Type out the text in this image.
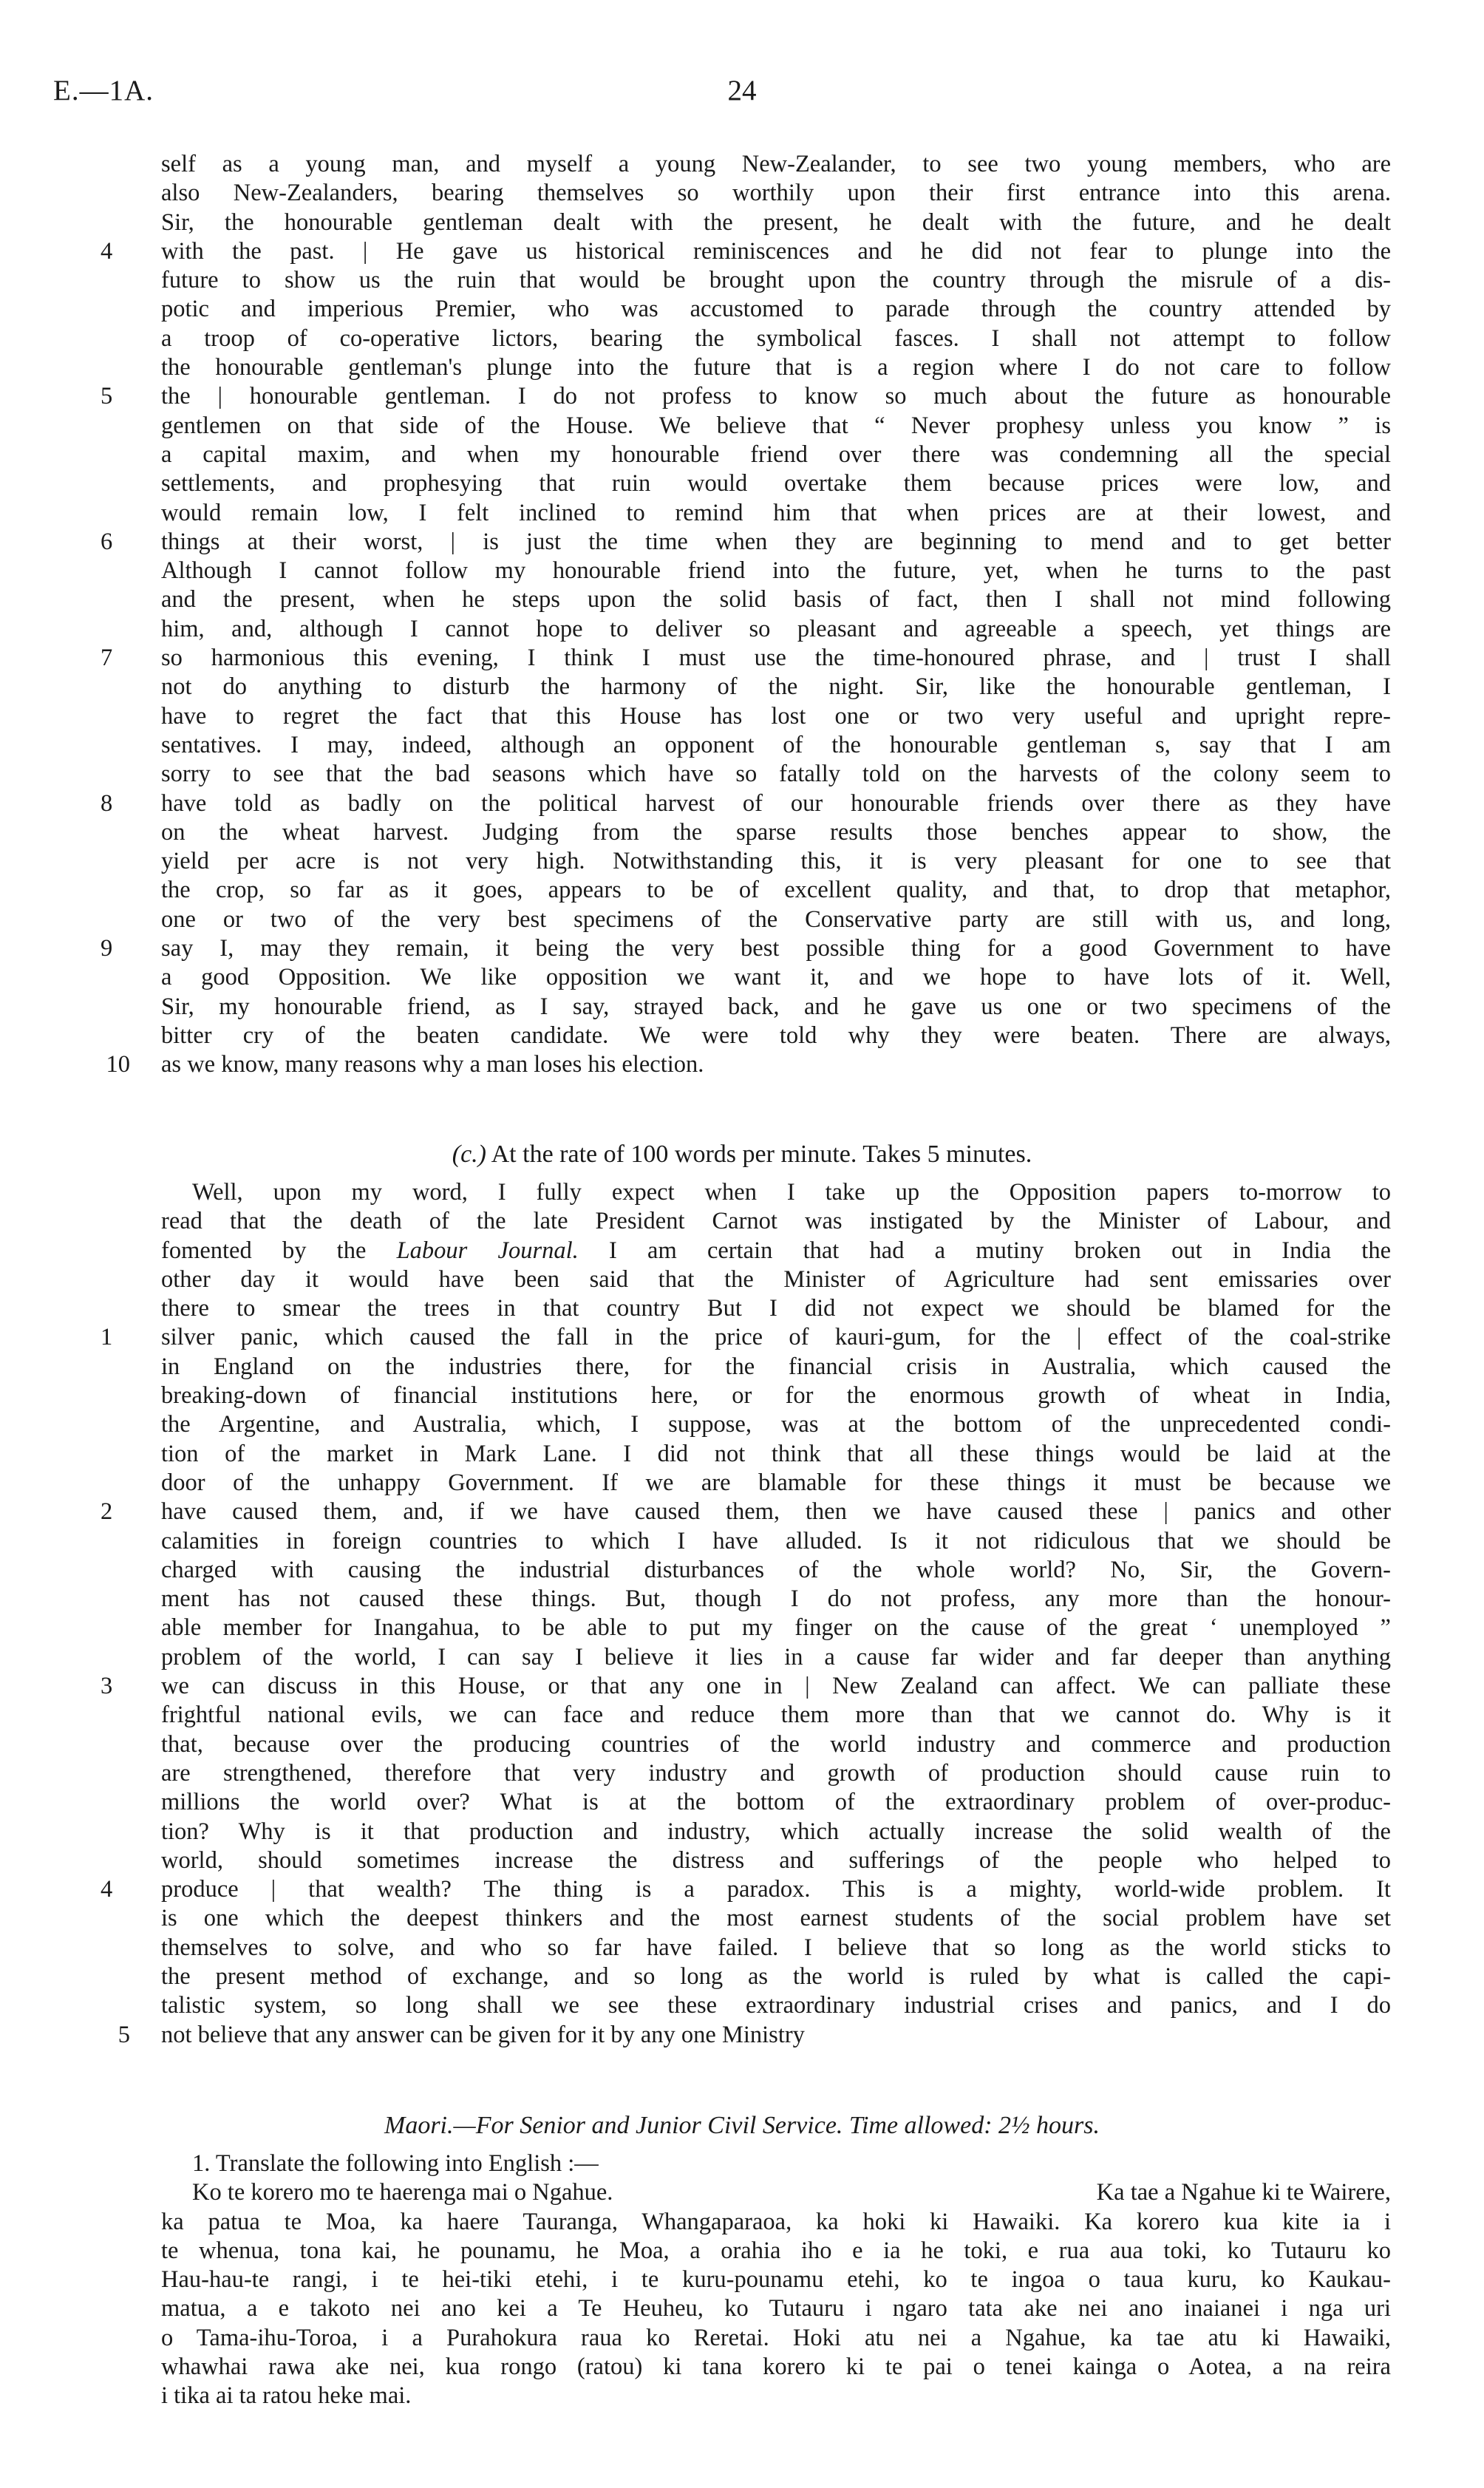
E.—1A.	24
self as a young man, and myself a young New-Zealander, to see two young members, who are
also New-Zealanders, bearing themselves so worthily upon their first entrance into this arena.
Sir, the honourable gentleman dealt with the present, he dealt with the future, and he dealt
with the past. | He gave us historical reminiscences and he did not fear to plunge into the
4
future to show us the ruin that would be brought upon the country through the misrule of a dis-
potic and imperious Premier, who was accustomed to parade through the country attended by
a troop of co-operative lictors, bearing the symbolical fasces. I shall not attempt to follow
the honourable gentleman's plunge into the future that is a region where I do not care to follow
the | honourable gentleman. I do not profess to know so much about the future as honourable
5
gentlemen on that side of the House. We believe that “ Never prophesy unless you know ” is
a capital maxim, and when my honourable friend over there was condemning all the special
settlements, and prophesying that ruin would overtake them because prices were low, and
would remain low, I felt inclined to remind him that when prices are at their lowest, and
things at their worst, | is just the time when they are beginning to mend and to get better
6
Although I cannot follow my honourable friend into the future, yet, when he turns to the past
and the present, when he steps upon the solid basis of fact, then I shall not mind following
him, and, although I cannot hope to deliver so pleasant and agreeable a speech, yet things are
so harmonious this evening, I think I must use the time-honoured phrase, and | trust I shall
7
not do anything to disturb the harmony of the night. Sir, like the honourable gentleman, I
have to regret the fact that this House has lost one or two very useful and upright repre-
sentatives. I may, indeed, although an opponent of the honourable gentleman s, say that I am
sorry to see that the bad seasons which have so fatally told on the harvests of the colony seem to
have told as badly on the political harvest of our honourable friends over there as they have
8
on the wheat harvest. Judging from the sparse results those benches appear to show, the
yield per acre is not very high. Notwithstanding this, it is very pleasant for one to see that
the crop, so far as it goes, appears to be of excellent quality, and that, to drop that metaphor,
one or two of the very best specimens of the Conservative party are still with us, and long,
say I, may they remain, it being the very best possible thing for a good Government to have
9
a good Opposition. We like opposition we want it, and we hope to have lots of it. Well,
Sir, my honourable friend, as I say, strayed back, and he gave us one or two specimens of the
bitter cry of the beaten candidate. We were told why they were beaten. There are always,
as we know, many reasons why a man loses his election.
10
(c.) At the rate of 100 words per minute. Takes 5 minutes.
Well, upon my word, I fully expect when I take up the Opposition papers to-morrow to
read that the death of the late President Carnot was instigated by the Minister of Labour, and
fomented by the Labour Journal. I am certain that had a mutiny broken out in India the
other day it would have been said that the Minister of Agriculture had sent emissaries over
there to smear the trees in that country But I did not expect we should be blamed for the
silver panic, which caused the fall in the price of kauri-gum, for the | effect of the coal-strike
1
in England on the industries there, for the financial crisis in Australia, which caused the
breaking-down of financial institutions here, or for the enormous growth of wheat in India,
the Argentine, and Australia, which, I suppose, was at the bottom of the unprecedented condi-
tion of the market in Mark Lane. I did not think that all these things would be laid at the
door of the unhappy Government. If we are blamable for these things it must be because we
have caused them, and, if we have caused them, then we have caused these | panics and other
2
calamities in foreign countries to which I have alluded. Is it not ridiculous that we should be
charged with causing the industrial disturbances of the whole world? No, Sir, the Govern-
ment has not caused these things. But, though I do not profess, any more than the honour-
able member for Inangahua, to be able to put my finger on the cause of the great ‘ unemployed ”
problem of the world, I can say I believe it lies in a cause far wider and far deeper than anything
we can discuss in this House, or that any one in | New Zealand can affect. We can palliate these
3
frightful national evils, we can face and reduce them more than that we cannot do. Why is it
that, because over the producing countries of the world industry and commerce and production
are strengthened, therefore that very industry and growth of production should cause ruin to
millions the world over? What is at the bottom of the extraordinary problem of over-produc-
tion? Why is it that production and industry, which actually increase the solid wealth of the
world, should sometimes increase the distress and sufferings of the people who helped to
produce | that wealth? The thing is a paradox. This is a mighty, world-wide problem. It
4
is one which the deepest thinkers and the most earnest students of the social problem have set
themselves to solve, and who so far have failed. I believe that so long as the world sticks to
the present method of exchange, and so long as the world is ruled by what is called the capi-
talistic system, so long shall we see these extraordinary industrial crises and panics, and I do
not believe that any answer can be given for it by any one Ministry
5
Maori.—For Senior and Junior Civil Service. Time allowed: 2½ hours.
1. Translate the following into English :—
Ko te korero mo te haerenga mai o Ngahue.	Ka tae a Ngahue ki te Wairere,
ka patua te Moa, ka haere Tauranga, Whangaparaoa, ka hoki ki Hawaiki. Ka korero kua kite ia i
te whenua, tona kai, he pounamu, he Moa, a orahia iho e ia he toki, e rua aua toki, ko Tutauru ko
Hau-hau-te rangi, i te hei-tiki etehi, i te kuru-pounamu etehi, ko te ingoa o taua kuru, ko Kaukau-
matua, a e takoto nei ano kei a Te Heuheu, ko Tutauru i ngaro tata ake nei ano inaianei i nga uri
o Tama-ihu-Toroa, i a Purahokura raua ko Reretai. Hoki atu nei a Ngahue, ka tae atu ki Hawaiki,
whawhai rawa ake nei, kua rongo (ratou) ki tana korero ki te pai o tenei kainga o Aotea, a na reira
i tika ai ta ratou heke mai.
